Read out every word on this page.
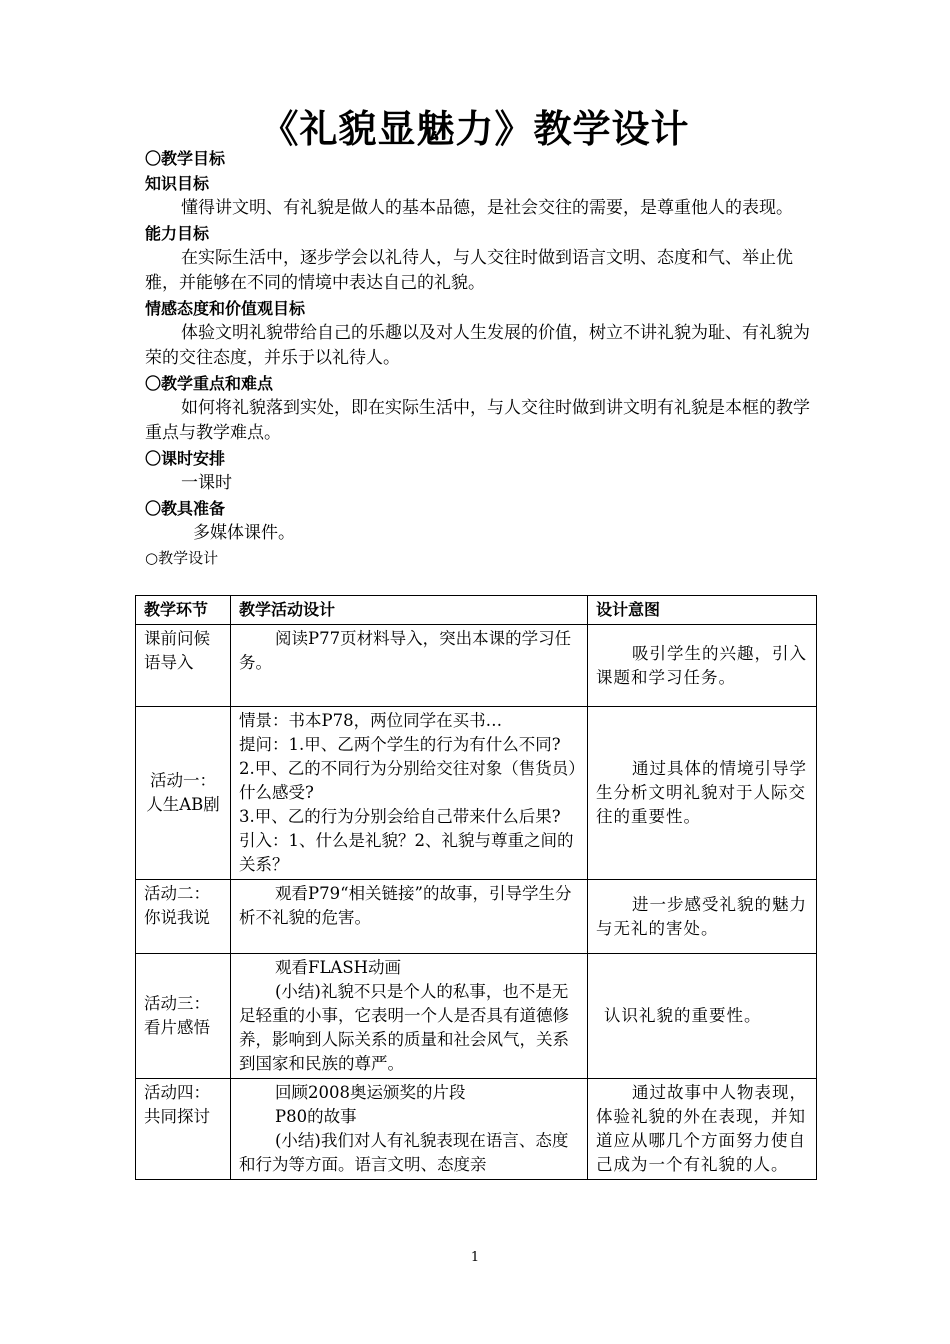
《礼貌显魅力》教学设计
〇教学目标
知识目标
懂得讲文明、有礼貌是做人的基本品德，是社会交往的需要，是尊重他人的表现。
能力目标
在实际生活中，逐步学会以礼待人，与人交往时做到语言文明、态度和气、举止优雅，并能够在不同的情境中表达自己的礼貌。
情感态度和价值观目标
体验文明礼貌带给自己的乐趣以及对人生发展的价值，树立不讲礼貌为耻、有礼貌为荣的交往态度，并乐于以礼待人。
〇教学重点和难点
如何将礼貌落到实处，即在实际生活中，与人交往时做到讲文明有礼貌是本框的教学重点与教学难点。
〇课时安排
一课时
〇教具准备
多媒体课件。
○教学设计
教学环节	教学活动设计	设计意图
课前问候语导入	阅读P77页材料导入，突出本课的学习任务。	吸引学生的兴趣，引入课题和学习任务。

活动一：人生AB剧	情景：书本P78，两位同学在买书…
提问：1.甲、乙两个学生的行为有什么不同?
2.甲、乙的不同行为分别给交往对象（售货员）什么感受?
3.甲、乙的行为分别会给自己带来什么后果?
引入：1、什么是礼貌？2、礼貌与尊重之间的关系？	通过具体的情境引导学生分析文明礼貌对于人际交往的重要性。

活动二：你说我说	观看P79“相关链接”的故事，引导学生分析不礼貌的危害。	进一步感受礼貌的魅力与无礼的害处。

活动三：看片感悟	观看FLASH动画
(小结)礼貌不只是个人的私事，也不是无足轻重的小事，它表明一个人是否具有道德修养，影响到人际关系的质量和社会风气，关系到国家和民族的尊严。	认识礼貌的重要性。

活动四：共同探讨	回顾2008奥运颁奖的片段
P80的故事
(小结)我们对人有礼貌表现在语言、态度和行为等方面。语言文明、态度亲	通过故事中人物表现，体验礼貌的外在表现，并知道应从哪几个方面努力使自己成为一个有礼貌的人。
1
